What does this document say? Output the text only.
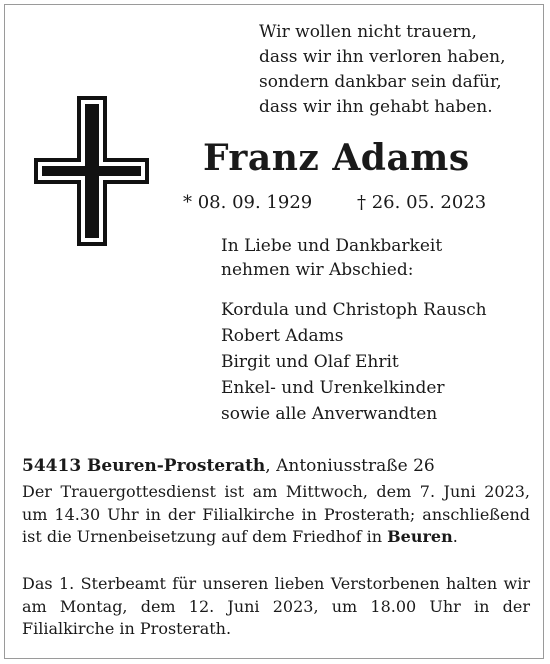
Wir wollen nicht trauern,
dass wir ihn verloren haben,
sondern dankbar sein dafür,
dass wir ihn gehabt haben.
Franz Adams
* 08. 09. 1929 † 26. 05. 2023
In Liebe und Dankbarkeit
nehmen wir Abschied:
Kordula und Christoph Rausch
Robert Adams
Birgit und Olaf Ehrit
Enkel- und Urenkelkinder
sowie alle Anverwandten
54413 Beuren-Prosterath, Antoniusstraße 26
Der Trauergottesdienst ist am Mittwoch, dem 7. Juni 2023, um 14.30 Uhr in der Filialkirche in Prosterath; anschließend ist die Urnenbeisetzung auf dem Friedhof in Beuren.
Das 1. Sterbeamt für unseren lieben Verstorbenen halten wir am Montag, dem 12. Juni 2023, um 18.00 Uhr in der Filialkirche in Prosterath.
